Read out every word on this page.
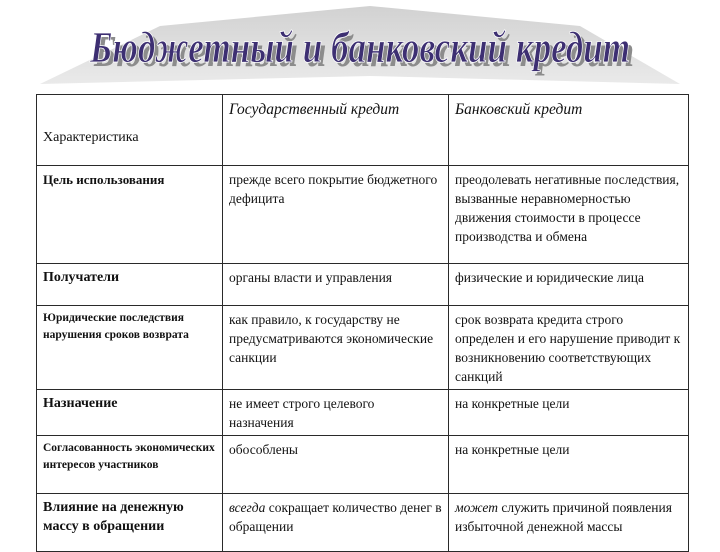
Бюджетный и банковский кредит
Бюджетный и банковский кредит
Характеристика	Государственный кредит	Банковский кредит
Цель использования	прежде всего покрытие бюджетного дефицита	преодолевать негативные последствия, вызванные неравномерностью движения стоимости в процессе производства и обмена
Получатели	органы власти и управления	физические и юридические лица
Юридические последствия нарушения сроков возврата	как правило, к государству не предусматриваются экономические санкции	срок возврата кредита строго определен и его нарушение приводит к возникновению соответствующих санкций
Назначение	не имеет строго целевого назначения	на конкретные цели
Согласованность экономических интересов участников	обособлены	на конкретные цели
Влияние на денежную массу в обращении	всегда сокращает количество денег в обращении	может служить причиной появления избыточной денежной массы
